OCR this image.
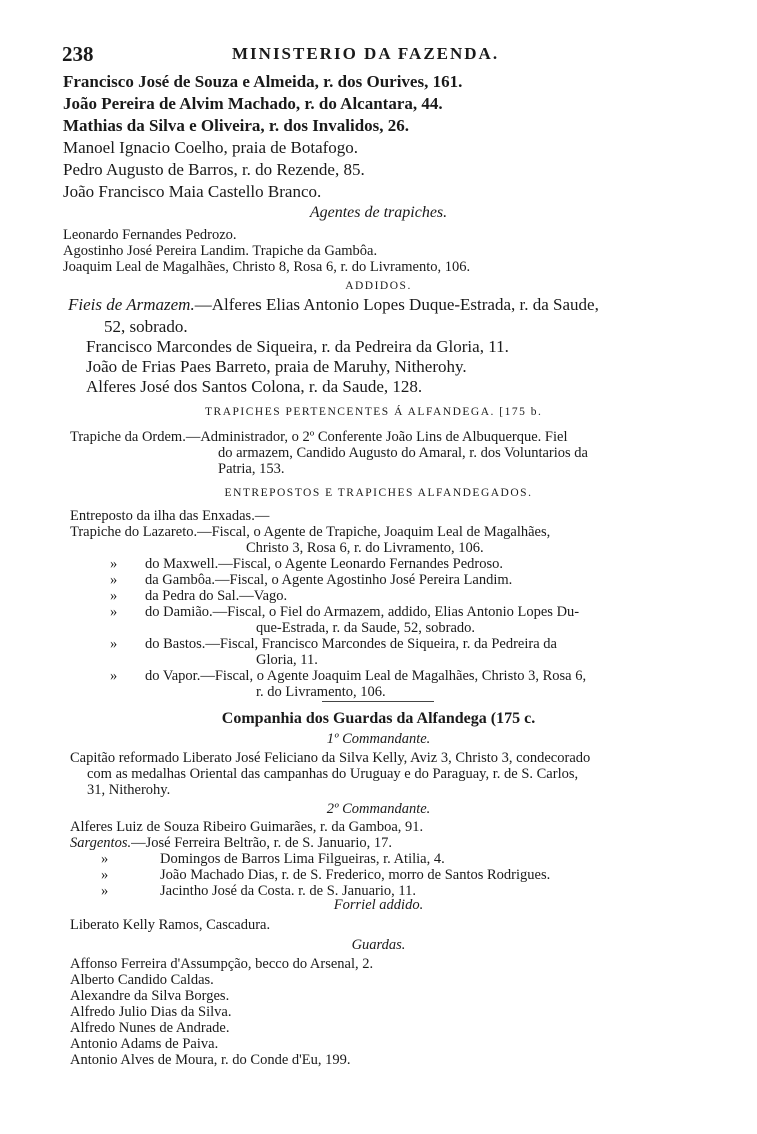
238	MINISTERIO DA FAZENDA.
Francisco José de Souza e Almeida, r. dos Ourives, 161.
João Pereira de Alvim Machado, r. do Alcantara, 44.
Mathias da Silva e Oliveira, r. dos Invalidos, 26.
Manoel Ignacio Coelho, praia de Botafogo.
Pedro Augusto de Barros, r. do Rezende, 85.
João Francisco Maia Castello Branco.
Agentes de trapiches.
Leonardo Fernandes Pedrozo.
Agostinho José Pereira Landim. Trapiche da Gambôa.
Joaquim Leal de Magalhães, Christo 8, Rosa 6, r. do Livramento, 106.
ADDIDOS.
Fieis de Armazem.—Alferes Elias Antonio Lopes Duque-Estrada, r. da Saude,
52, sobrado.
Francisco Marcondes de Siqueira, r. da Pedreira da Gloria, 11.
João de Frias Paes Barreto, praia de Maruhy, Nitherohy.
Alferes José dos Santos Colona, r. da Saude, 128.
TRAPICHES PERTENCENTES Á ALFANDEGA. [175 b.
Trapiche da Ordem.—Administrador, o 2º Conferente João Lins de Albuquerque. Fiel
do armazem, Candido Augusto do Amaral, r. dos Voluntarios da
Patria, 153.
ENTREPOSTOS E TRAPICHES ALFANDEGADOS.
Entreposto da ilha das Enxadas.—
Trapiche do Lazareto.—Fiscal, o Agente de Trapiche, Joaquim Leal de Magalhães,
Christo 3, Rosa 6, r. do Livramento, 106.
» do Maxwell.—Fiscal, o Agente Leonardo Fernandes Pedroso.
» da Gambôa.—Fiscal, o Agente Agostinho José Pereira Landim.
» da Pedra do Sal.—Vago.
» do Damião.—Fiscal, o Fiel do Armazem, addido, Elias Antonio Lopes Du-
que-Estrada, r. da Saude, 52, sobrado.
» do Bastos.—Fiscal, Francisco Marcondes de Siqueira, r. da Pedreira da
Gloria, 11.
» do Vapor.—Fiscal, o Agente Joaquim Leal de Magalhães, Christo 3, Rosa 6,
r. do Livramento, 106.
Companhia dos Guardas da Alfandega (175 c.
1º Commandante.
Capitão reformado Liberato José Feliciano da Silva Kelly, Aviz 3, Christo 3, condecorado
com as medalhas Oriental das campanhas do Uruguay e do Paraguay, r. de S. Carlos,
31, Nitherohy.
2º Commandante.
Alferes Luiz de Souza Ribeiro Guimarães, r. da Gamboa, 91.
Sargentos.—José Ferreira Beltrão, r. de S. Januario, 17.
»	Domingos de Barros Lima Filgueiras, r. Atilia, 4.
»	João Machado Dias, r. de S. Frederico, morro de Santos Rodrigues.
»	Jacintho José da Costa. r. de S. Januario, 11.
Forriel addido.
Liberato Kelly Ramos, Cascadura.
Guardas.
Affonso Ferreira d'Assumpção, becco do Arsenal, 2.
Alberto Candido Caldas.
Alexandre da Silva Borges.
Alfredo Julio Dias da Silva.
Alfredo Nunes de Andrade.
Antonio Adams de Paiva.
Antonio Alves de Moura, r. do Conde d'Eu, 199.
